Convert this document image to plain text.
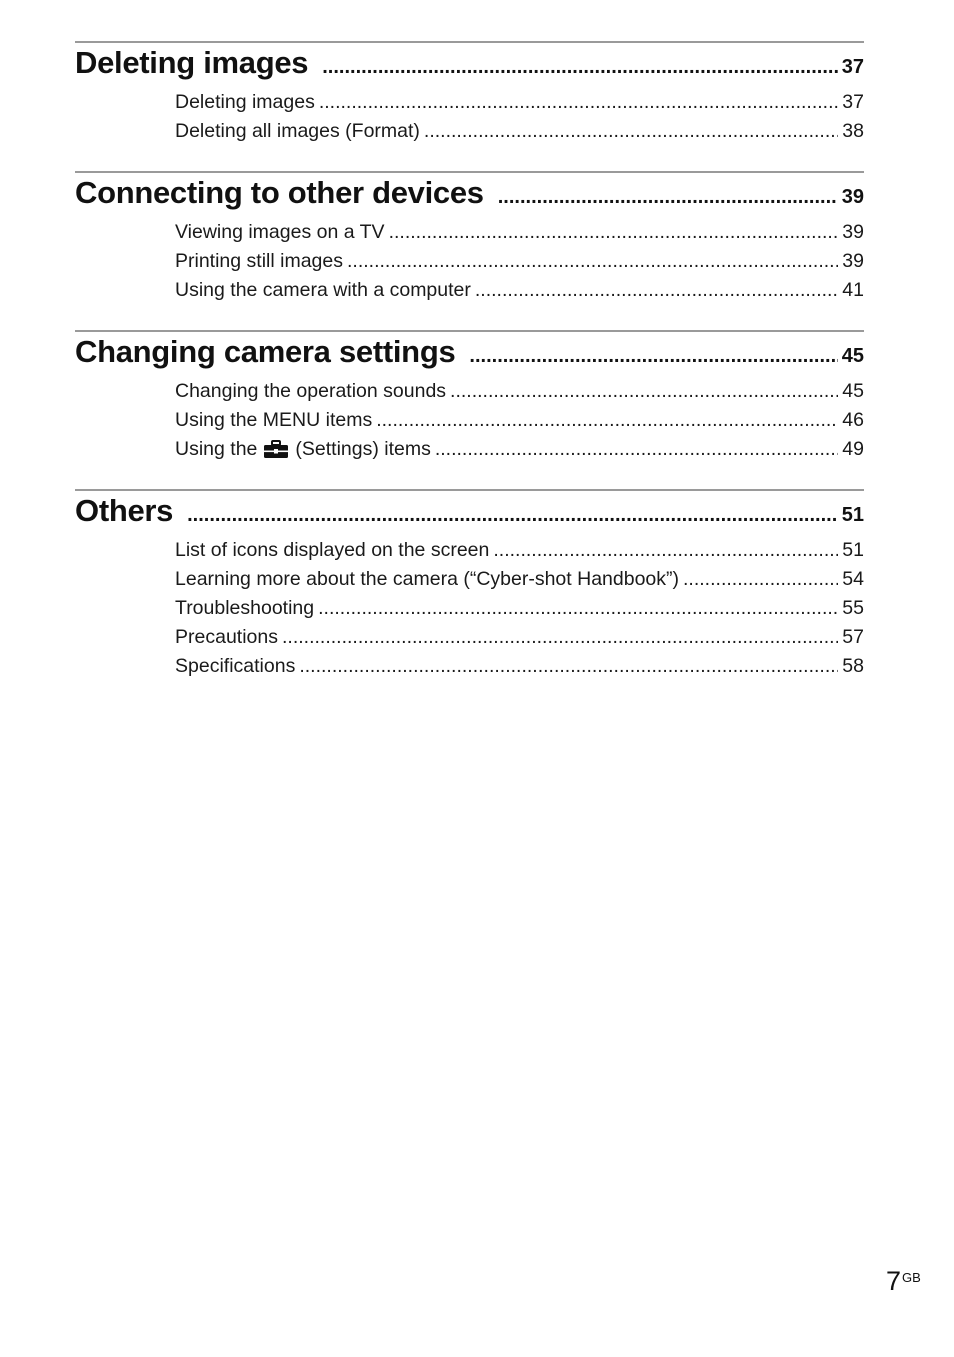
Deleting images .....	37
Deleting images .....	37
Deleting all images (Format) .....	38
Connecting to other devices .....	39
Viewing images on a TV .....	39
Printing still images .....	39
Using the camera with a computer .....	41
Changing camera settings .....	45
Changing the operation sounds .....	45
Using the MENU items .....	46
Using the	(Settings) items .....	49
Others .....	51
List of icons displayed on the screen .....	51
Learning more about the camera (“Cyber-shot Handbook”) .....	54
Troubleshooting .....	55
Precautions .....	57
Specifications .....	58
$7^{GB}$
